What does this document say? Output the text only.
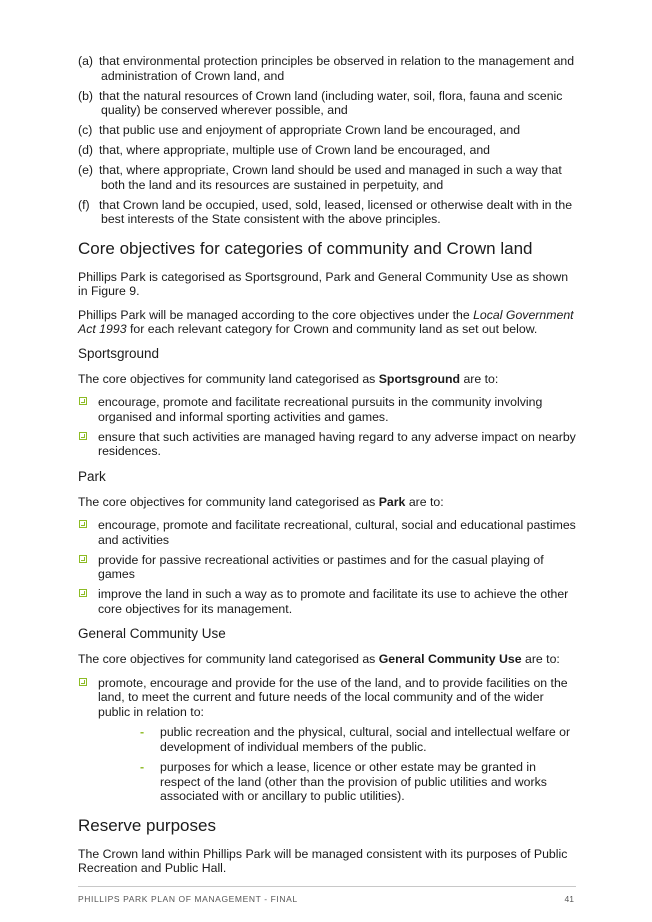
(a) that environmental protection principles be observed in relation to the management and administration of Crown land, and
(b) that the natural resources of Crown land (including water, soil, flora, fauna and scenic quality) be conserved wherever possible, and
(c) that public use and enjoyment of appropriate Crown land be encouraged, and
(d) that, where appropriate, multiple use of Crown land be encouraged, and
(e) that, where appropriate, Crown land should be used and managed in such a way that both the land and its resources are sustained in perpetuity, and
(f) that Crown land be occupied, used, sold, leased, licensed or otherwise dealt with in the best interests of the State consistent with the above principles.
Core objectives for categories of community and Crown land

Phillips Park is categorised as Sportsground, Park and General Community Use as shown in Figure 9.

Phillips Park will be managed according to the core objectives under the Local Government Act 1993 for each relevant category for Crown and community land as set out below.

Sportsground

The core objectives for community land categorised as Sportsground are to:

encourage, promote and facilitate recreational pursuits in the community involving organised and informal sporting activities and games.
ensure that such activities are managed having regard to any adverse impact on nearby residences.
Park

The core objectives for community land categorised as Park are to:

encourage, promote and facilitate recreational, cultural, social and educational pastimes and activities
provide for passive recreational activities or pastimes and for the casual playing of games
improve the land in such a way as to promote and facilitate its use to achieve the other core objectives for its management.
General Community Use

The core objectives for community land categorised as General Community Use are to:

promote, encourage and provide for the use of the land, and to provide facilities on the land, to meet the current and future needs of the local community and of the wider public in relation to:
- public recreation and the physical, cultural, social and intellectual welfare or development of individual members of the public.
- purposes for which a lease, licence or other estate may be granted in respect of the land (other than the provision of public utilities and works associated with or ancillary to public utilities).
Reserve purposes

The Crown land within Phillips Park will be managed consistent with its purposes of Public Recreation and Public Hall.

PHILLIPS PARK PLAN OF MANAGEMENT - FINAL	41
